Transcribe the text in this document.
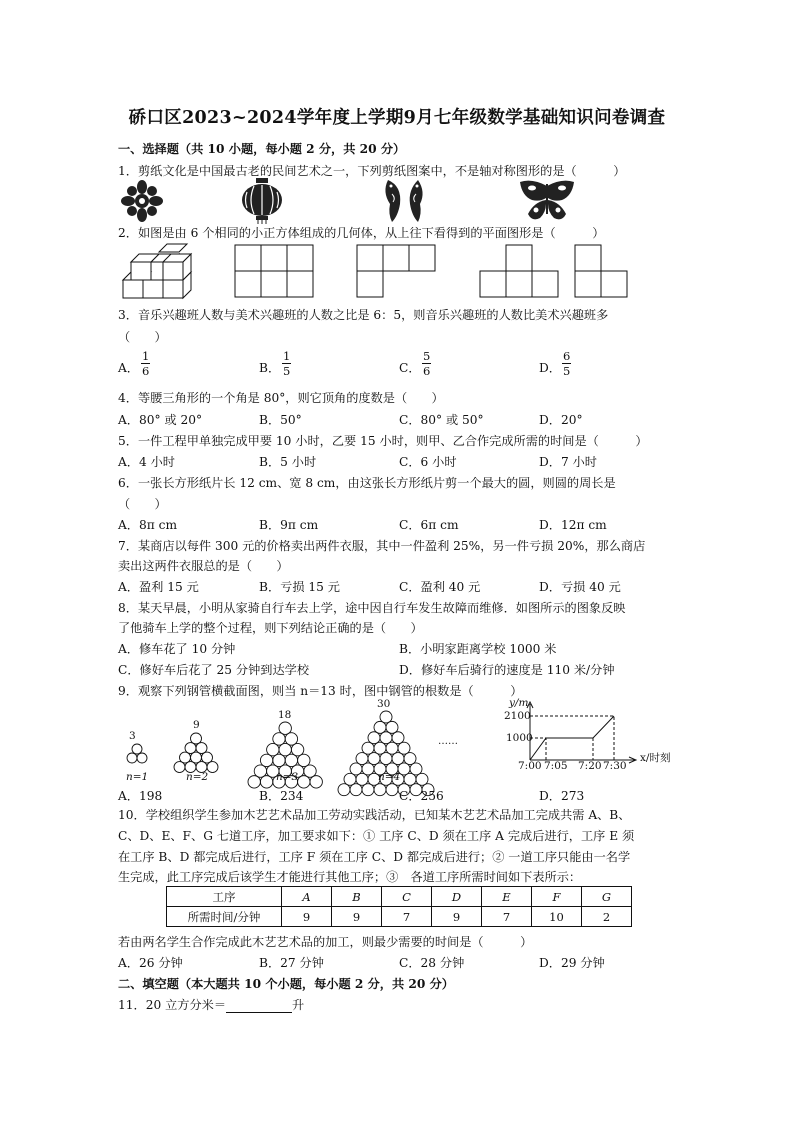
硚口区2023~2024学年度上学期9月七年级数学基础知识问卷调查
一、选择题（共 10 小题，每小题 2 分，共 20 分）
1．剪纸文化是中国最古老的民间艺术之一，下列剪纸图案中，不是轴对称图形的是（　　　）
2．如图是由 6 个相同的小正方体组成的几何体，从上往下看得到的平面图形是（　　　）
3．音乐兴趣班人数与美术兴趣班的人数之比是 6：5，则音乐兴趣班的人数比美术兴趣班多
（　　）
A． $\frac{1}{6}$	B． $\frac{1}{5}$	C． $\frac{5}{6}$	D． $\frac{6}{5}$
4．等腰三角形的一个角是 80°，则它顶角的度数是（　　）
A．80° 或 20°	B．50°	C．80° 或 50°	D．20°
5．一件工程甲单独完成甲要 10 小时，乙要 15 小时，则甲、乙合作完成所需的时间是（　　　）
A．4 小时	B．5 小时	C．6 小时	D．7 小时
6．一张长方形纸片长 12 cm、宽 8 cm，由这张长方形纸片剪一个最大的圆，则圆的周长是
（　　）
A．8π cm	B．9π cm	C．6π cm	D．12π cm
7．某商店以每件 300 元的价格卖出两件衣服，其中一件盈利 25%，另一件亏损 20%，那么商店
卖出这两件衣服总的是（　　）
A．盈利 15 元	B．亏损 15 元	C．盈利 40 元	D．亏损 40 元
8．某天早晨，小明从家骑自行车去上学，途中因自行车发生故障而维修．如图所示的图象反映
了他骑车上学的整个过程，则下列结论正确的是（　　）
A．修车花了 10 分钟	B．小明家距离学校 1000 米
C．修好车后花了 25 分钟到达学校	D．修好车后骑行的速度是 110 米/分钟
9．观察下列钢管横截面图，则当 n＝13 时，图中钢管的根数是（　　　）
3
9
18
30
……
n=1	n=2	n=3	n=4
y/m
x/时刻
2100
1000
7:00 7:05 7:20 7:30
A．198	B．234	C．256	D．273
10．学校组织学生参加木艺艺术品加工劳动实践活动，已知某木艺艺术品加工完成共需 A、B、
C、D、E、F、G 七道工序，加工要求如下：① 工序 C、D 须在工序 A 完成后进行，工序 E 须
在工序 B、D 都完成后进行，工序 F 须在工序 C、D 都完成后进行；② 一道工序只能由一名学
生完成，此工序完成后该学生才能进行其他工序；③　各道工序所需时间如下表所示：
工序	A	B	C	D	E	F	G
所需时间/分钟	9	9	7	9	7	10	2
若由两名学生合作完成此木艺艺术品的加工，则最少需要的时间是（　　　）
A．26 分钟	B．27 分钟	C．28 分钟	D．29 分钟
二、填空题（本大题共 10 个小题，每小题 2 分，共 20 分）
11．20 立方分米＝	升
